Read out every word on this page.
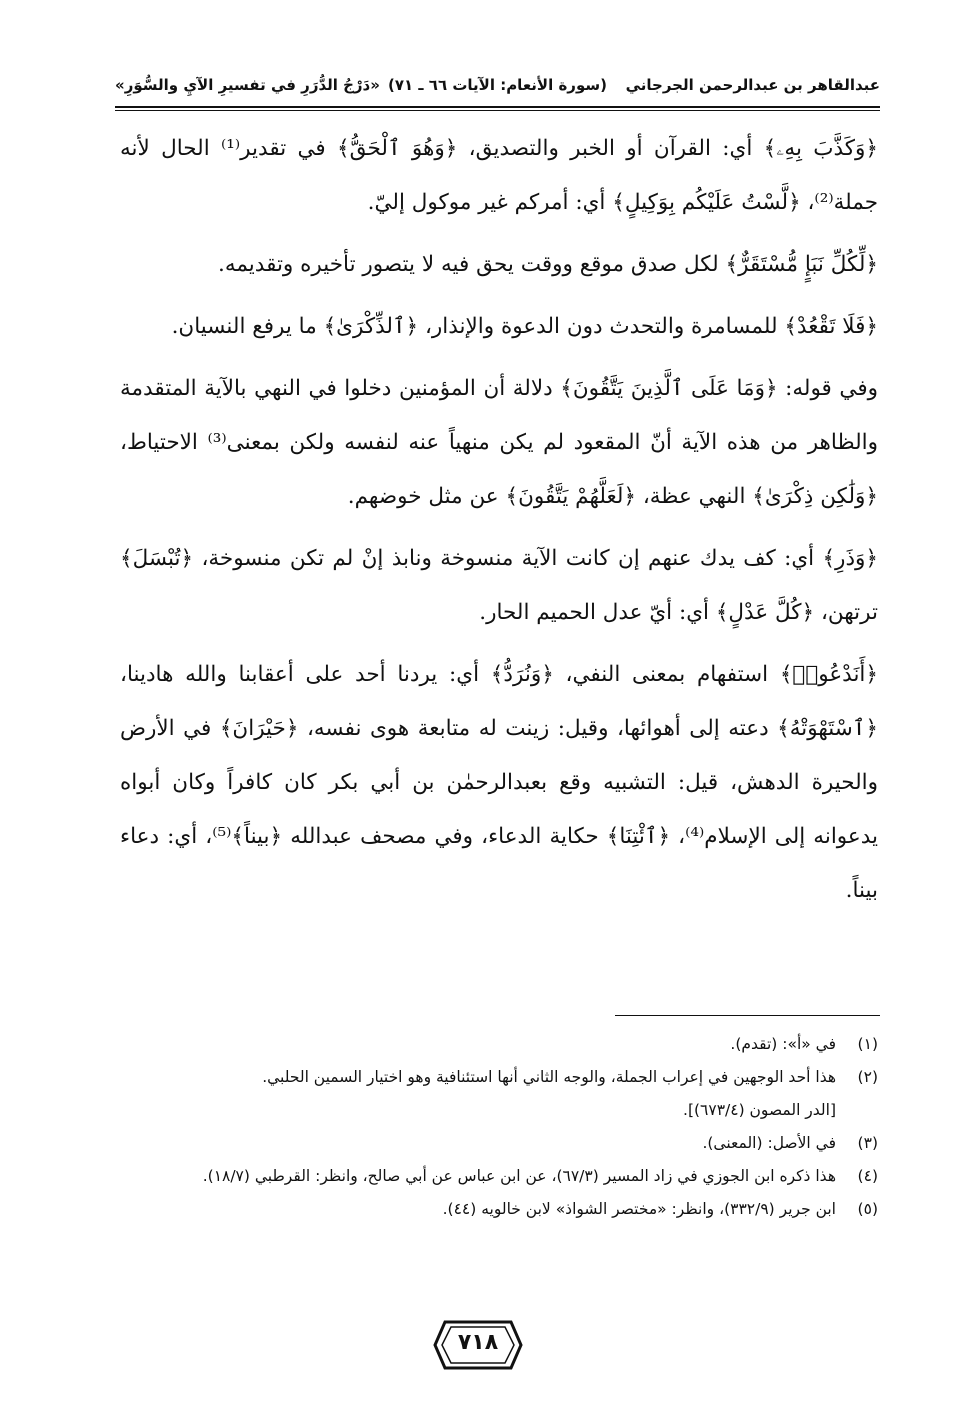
عبدالقاهر بن عبدالرحمن الجرجاني
(سورة الأنعام: الآيات ٦٦ ـ ٧١)
«دَرْجُ الدُّرَرِ في تفسيرِ الآيِ والسُّوَرِ»

﴿وَكَذَّبَ بِهِۦ﴾ أي: القرآن أو الخبر والتصديق، ﴿وَهُوَ ٱلْحَقُّ﴾ في تقدير⁽¹⁾ الحال لأنه جملة⁽²⁾، ﴿لَّسْتُ عَلَيْكُم بِوَكِيلٍ﴾ أي: أمركم غير موكول إليّ.

﴿لِّكُلِّ نَبَإٍ مُّسْتَقَرٌّ﴾ لكل صدق موقع ووقت يحق فيه لا يتصور تأخيره وتقديمه.

﴿فَلَا تَقْعُدْ﴾ للمسامرة والتحدث دون الدعوة والإنذار، ﴿ٱلذِّكْرَىٰ﴾ ما يرفع النسيان.

وفي قوله: ﴿وَمَا عَلَى ٱلَّذِينَ يَتَّقُونَ﴾ دلالة أن المؤمنين دخلوا في النهي بالآية المتقدمة والظاهر من هذه الآية أنّ المقعود لم يكن منهياً عنه لنفسه ولكن بمعنى⁽³⁾ الاحتياط، ﴿وَلَٰكِن ذِكْرَىٰ﴾ النهي عظة، ﴿لَعَلَّهُمْ يَتَّقُونَ﴾ عن مثل خوضهم.

﴿وَذَرِ﴾ أي: كف يدك عنهم إن كانت الآية منسوخة ونابذ إنْ لم تكن منسوخة، ﴿تُبْسَلَ﴾ ترتهن، ﴿كُلَّ عَدْلٍ﴾ أي: أيّ عدل الحميم الحار.

﴿أَنَدْعُوا۟﴾ استفهام بمعنى النفي، ﴿وَنُرَدُّ﴾ أي: يردنا أحد على أعقابنا والله هادينا، ﴿ٱسْتَهْوَتْهُ﴾ دعته إلى أهوائها، وقيل: زينت له متابعة هوى نفسه، ﴿حَيْرَانَ﴾ في الأرض والحيرة الدهش، قيل: التشبيه وقع بعبدالرحمٰن بن أبي بكر كان كافراً وكان أبواه يدعوانه إلى الإسلام⁽⁴⁾، ﴿ٱئْتِنَا﴾ حكاية الدعاء، وفي مصحف عبدالله ﴿بيناً﴾⁽⁵⁾، أي: دعاء بيناً.

(١)
في «أ»: (تقدم).
(٢)
هذا أحد الوجهين في إعراب الجملة، والوجه الثاني أنها استئنافية وهو اختيار السمين الحلبي.
[الدر المصون (٦٧٣/٤)].
(٣)
في الأصل: (المعنى).
(٤)
هذا ذكره ابن الجوزي في زاد المسير (٦٧/٣)، عن ابن عباس عن أبي صالح، وانظر: القرطبي (١٨/٧).
(٥)
ابن جرير (٣٣٢/٩)، وانظر: «مختصر الشواذ» لابن خالويه (٤٤).
٧١٨
